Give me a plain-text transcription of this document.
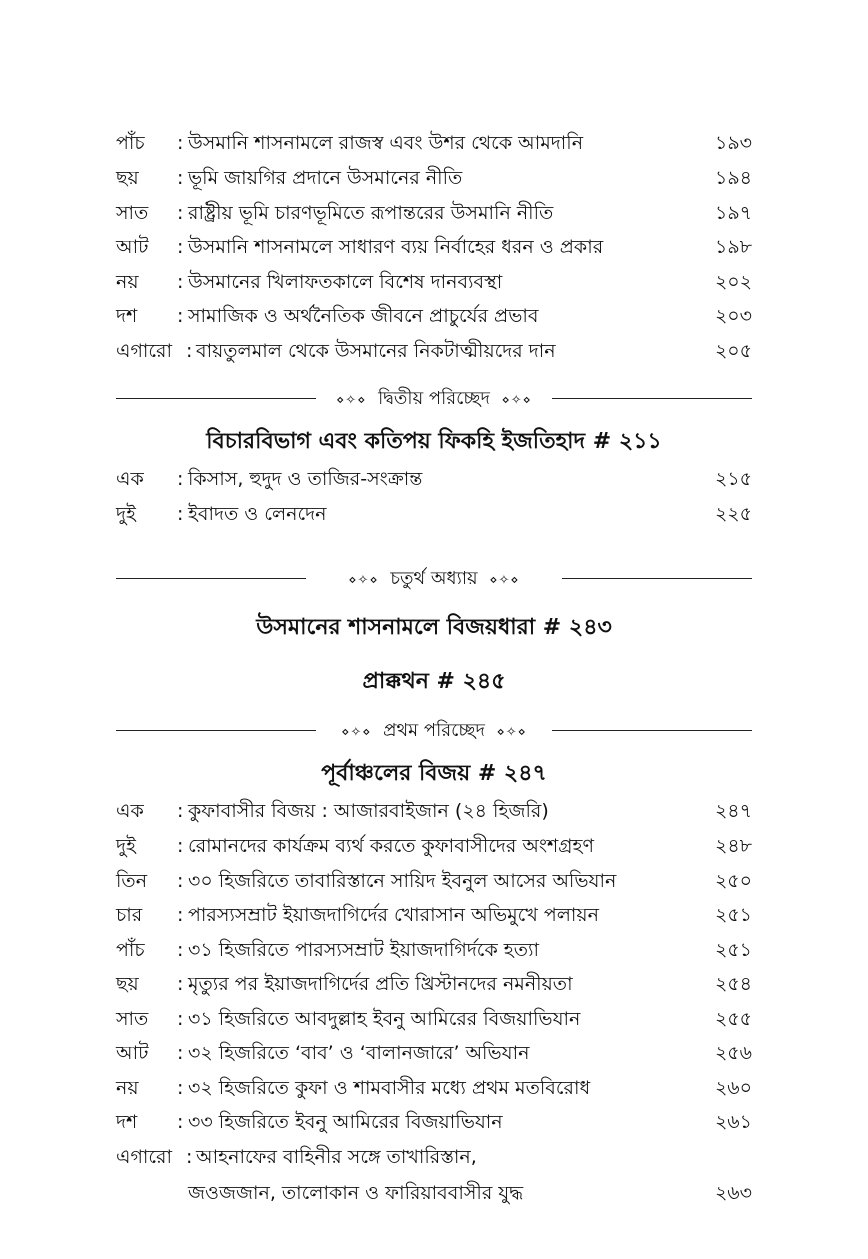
পাঁচ : উসমানি শাসনামলে রাজস্ব এবং উশর থেকে আমদানি	১৯৩
ছয় : ভূমি জায়গির প্রদানে উসমানের নীতি	১৯৪
সাত : রাষ্ট্রীয় ভূমি চারণভূমিতে রূপান্তরের উসমানি নীতি	১৯৭
আট : উসমানি শাসনামলে সাধারণ ব্যয় নির্বাহের ধরন ও প্রকার	১৯৮
নয় : উসমানের খিলাফতকালে বিশেষ দানব্যবস্থা	২০২
দশ : সামাজিক ও অর্থনৈতিক জীবনে প্রাচুর্যের প্রভাব	২০৩
এগারো : বায়তুলমাল থেকে উসমানের নিকটাত্মীয়দের দান	২০৫
⋄✧⋄ দ্বিতীয় পরিচ্ছেদ ⋄✧⋄
বিচারবিভাগ এবং কতিপয় ফিকহি ইজতিহাদ # ২১১
এক : কিসাস, হুদুদ ও তাজির-সংক্রান্ত	২১৫
দুই : ইবাদত ও লেনদেন	২২৫
⋄✧⋄ চতুর্থ অধ্যায় ⋄✧⋄
উসমানের শাসনামলে বিজয়ধারা # ২৪৩
প্রাক্কথন # ২৪৫
⋄✧⋄ প্রথম পরিচ্ছেদ ⋄✧⋄
পূর্বাঞ্চলের বিজয় # ২৪৭
এক : কুফাবাসীর বিজয় : আজারবাইজান (২৪ হিজরি)	২৪৭
দুই : রোমানদের কার্যক্রম ব্যর্থ করতে কুফাবাসীদের অংশগ্রহণ	২৪৮
তিন : ৩০ হিজরিতে তাবারিস্তানে সায়িদ ইবনুল আসের অভিযান	২৫০
চার : পারস্যসম্রাট ইয়াজদাগির্দের খোরাসান অভিমুখে পলায়ন	২৫১
পাঁচ : ৩১ হিজরিতে পারস্যসম্রাট ইয়াজদাগির্দকে হত্যা	২৫১
ছয় : মৃত্যুর পর ইয়াজদাগির্দের প্রতি খ্রিস্টানদের নমনীয়তা	২৫৪
সাত : ৩১ হিজরিতে আবদুল্লাহ ইবনু আমিরের বিজয়াভিযান	২৫৫
আট : ৩২ হিজরিতে ‘বাব’ ও ‘বালানজারে’ অভিযান	২৫৬
নয় : ৩২ হিজরিতে কুফা ও শামবাসীর মধ্যে প্রথম মতবিরোধ	২৬০
দশ : ৩৩ হিজরিতে ইবনু আমিরের বিজয়াভিযান	২৬১
এগারো : আহনাফের বাহিনীর সঙ্গে তাখারিস্তান,
জওজজান, তালোকান ও ফারিয়াববাসীর যুদ্ধ	২৬৩
